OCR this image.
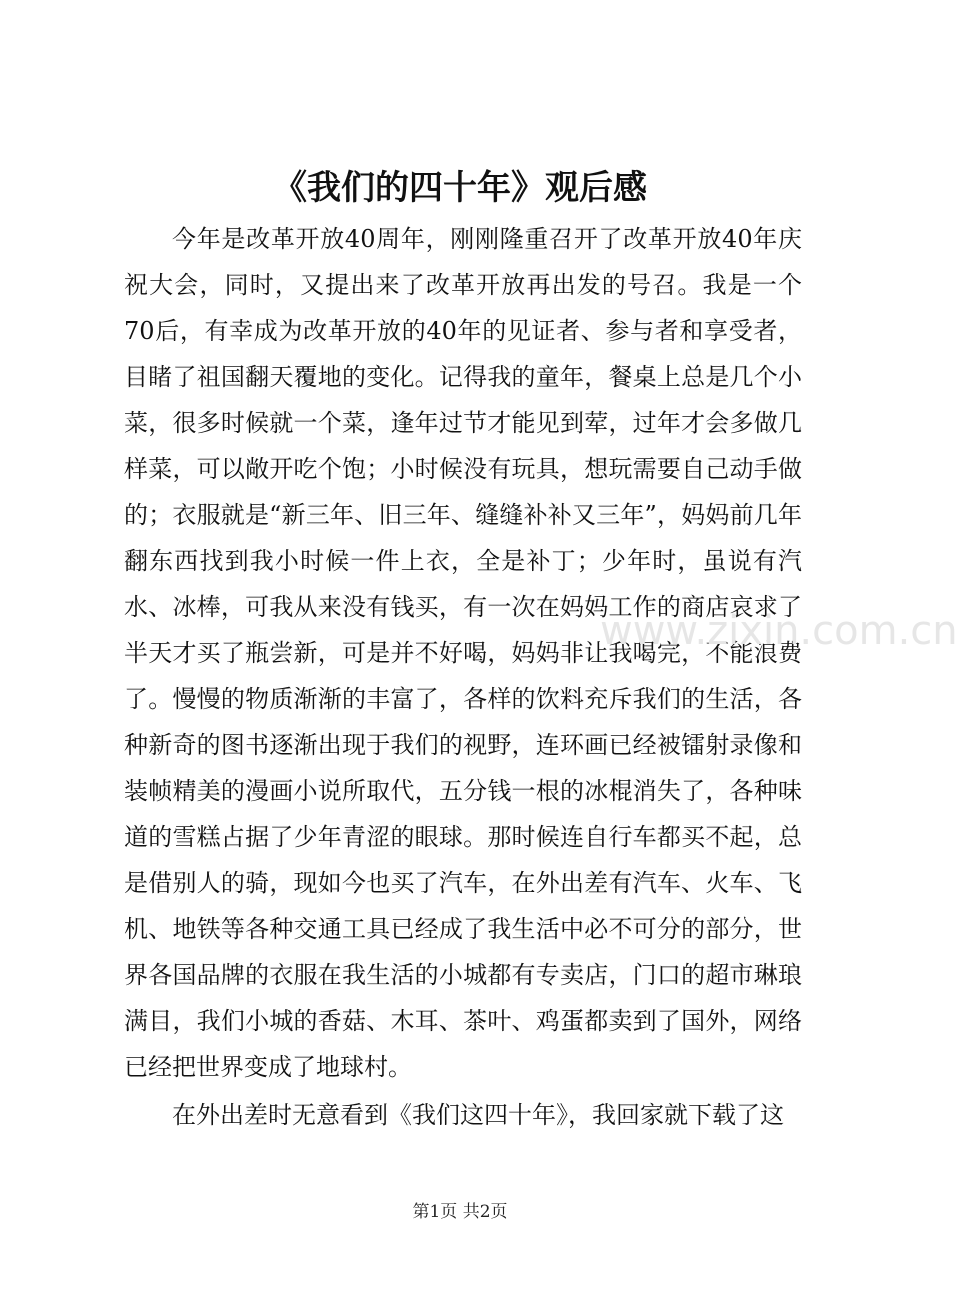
《我们的四十年》观后感

今年是改革开放40周年，刚刚隆重召开了改革开放40年庆祝大会，同时，又提出来了改革开放再出发的号召。我是一个70后，有幸成为改革开放的40年的见证者、参与者和享受者，目睹了祖国翻天覆地的变化。记得我的童年，餐桌上总是几个小菜，很多时候就一个菜，逢年过节才能见到荤，过年才会多做几样菜，可以敞开吃个饱；小时候没有玩具，想玩需要自己动手做的；衣服就是“新三年、旧三年、缝缝补补又三年”，妈妈前几年翻东西找到我小时候一件上衣，全是补丁；少年时，虽说有汽水、冰棒，可我从来没有钱买，有一次在妈妈工作的商店哀求了半天才买了瓶尝新，可是并不好喝，妈妈非让我喝完，不能浪费了。慢慢的物质渐渐的丰富了，各样的饮料充斥我们的生活，各种新奇的图书逐渐出现于我们的视野，连环画已经被镭射录像和装帧精美的漫画小说所取代，五分钱一根的冰棍消失了，各种味道的雪糕占据了少年青涩的眼球。那时候连自行车都买不起，总是借别人的骑，现如今也买了汽车，在外出差有汽车、火车、飞机、地铁等各种交通工具已经成了我生活中必不可分的部分，世界各国品牌的衣服在我生活的小城都有专卖店，门口的超市琳琅满目，我们小城的香菇、木耳、茶叶、鸡蛋都卖到了国外，网络已经把世界变成了地球村。

在外出差时无意看到《我们这四十年》，我回家就下载了这

www.zixin.com.cn
第1页 共2页
